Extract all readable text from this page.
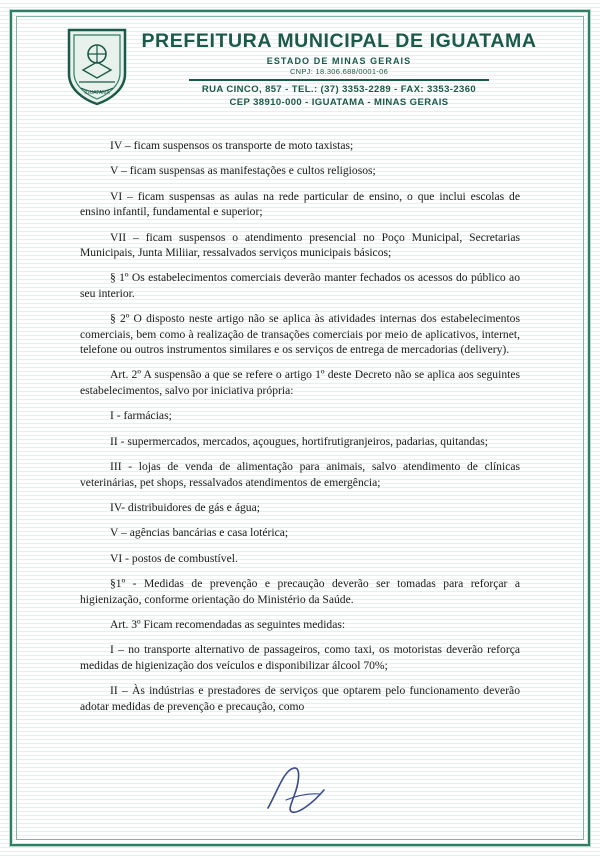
IGUATAMA
PREFEITURA MUNICIPAL DE IGUATAMA
ESTADO DE MINAS GERAIS
CNPJ: 18.306.688/0001-06
RUA CINCO, 857 - TEL.: (37) 3353-2289 - FAX: 3353-2360
CEP 38910-000 - IGUATAMA - MINAS GERAIS

IV – ficam suspensos os transporte de moto taxistas;

V – ficam suspensas as manifestações e cultos religiosos;

VI – ficam suspensas as aulas na rede particular de ensino, o que inclui escolas de ensino infantil, fundamental e superior;

VII – ficam suspensos o atendimento presencial no Poço Municipal, Secretarias Municipais, Junta Miliiar, ressalvados serviços municipais básicos;

§ 1º Os estabelecimentos comerciais deverão manter fechados os acessos do público ao seu interior.

§ 2º O disposto neste artigo não se aplica às atividades internas dos estabelecimentos comerciais, bem como à realização de transações comerciais por meio de aplicativos, internet, telefone ou outros instrumentos similares e os serviços de entrega de mercadorias (delivery).

Art. 2º A suspensão a que se refere o artigo 1º deste Decreto não se aplica aos seguintes estabelecimentos, salvo por iniciativa própria:

I - farmácias;

II - supermercados, mercados, açougues, hortifrutigranjeiros, padarias, quitandas;

III - lojas de venda de alimentação para animais, salvo atendimento de clínicas veterinárias, pet shops, ressalvados atendimentos de emergência;

IV- distribuidores de gás e água;

V – agências bancárias e casa lotérica;

VI - postos de combustível.

§1º - Medidas de prevenção e precaução deverão ser tomadas para reforçar a higienização, conforme orientação do Ministério da Saúde.

Art. 3º Ficam recomendadas as seguintes medidas:

I – no transporte alternativo de passageiros, como taxi, os motoristas deverão reforça medidas de higienização dos veículos e disponibilizar álcool 70%;

II – Às indústrias e prestadores de serviços que optarem pelo funcionamento deverão adotar medidas de prevenção e precaução, como
